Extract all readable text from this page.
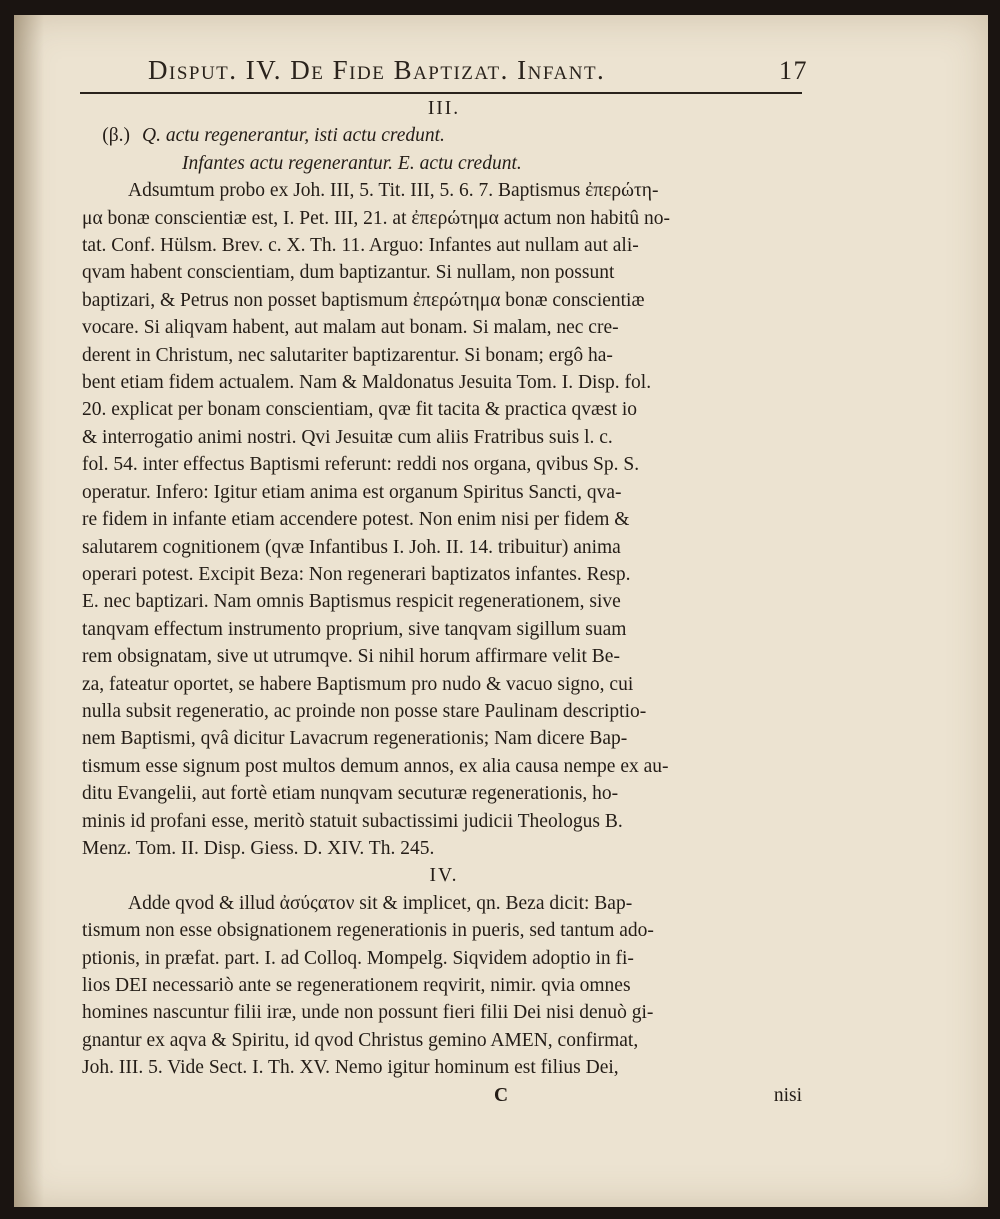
Disput. IV. De Fide Baptizat. Infant.	17
III.
(β.) Q. actu regenerantur, isti actu credunt.
Infantes actu regenerantur. E. actu credunt.
Adsumtum probo ex Joh. III, 5. Tit. III, 5. 6. 7. Baptismus ἐπερώτη-
μα bonæ conscientiæ est, I. Pet. III, 21. at ἐπερώτημα actum non habitû no-
tat. Conf. Hülsm. Brev. c. X. Th. 11. Arguo: Infantes aut nullam aut ali-
qvam habent conscientiam, dum baptizantur. Si nullam, non possunt
baptizari, & Petrus non posset baptismum ἐπερώτημα bonæ conscientiæ
vocare. Si aliqvam habent, aut malam aut bonam. Si malam, nec cre-
derent in Christum, nec salutariter baptizarentur. Si bonam; ergô ha-
bent etiam fidem actualem. Nam & Maldonatus Jesuita Tom. I. Disp. fol.
20. explicat per bonam conscientiam, qvæ fit tacita & practica qvæst io
& interrogatio animi nostri. Qvi Jesuitæ cum aliis Fratribus suis l. c.
fol. 54. inter effectus Baptismi referunt: reddi nos organa, qvibus Sp. S.
operatur. Infero: Igitur etiam anima est organum Spiritus Sancti, qva-
re fidem in infante etiam accendere potest. Non enim nisi per fidem &
salutarem cognitionem (qvæ Infantibus I. Joh. II. 14. tribuitur) anima
operari potest. Excipit Beza: Non regenerari baptizatos infantes. Resp.
E. nec baptizari. Nam omnis Baptismus respicit regenerationem, sive
tanqvam effectum instrumento proprium, sive tanqvam sigillum suam
rem obsignatam, sive ut utrumqve. Si nihil horum affirmare velit Be-
za, fateatur oportet, se habere Baptismum pro nudo & vacuo signo, cui
nulla subsit regeneratio, ac proinde non posse stare Paulinam descriptio-
nem Baptismi, qvâ dicitur Lavacrum regenerationis; Nam dicere Bap-
tismum esse signum post multos demum annos, ex alia causa nempe ex au-
ditu Evangelii, aut fortè etiam nunqvam secuturæ regenerationis, ho-
minis id profani esse, meritò statuit subactissimi judicii Theologus B.
Menz. Tom. II. Disp. Giess. D. XIV. Th. 245.
IV.
Adde qvod & illud ἀσύςατον sit & implicet, qn. Beza dicit: Bap-
tismum non esse obsignationem regenerationis in pueris, sed tantum ado-
ptionis, in præfat. part. I. ad Colloq. Mompelg. Siqvidem adoptio in fi-
lios DEI necessariò ante se regenerationem reqvirit, nimir. qvia omnes
homines nascuntur filii iræ, unde non possunt fieri filii Dei nisi denuò gi-
gnantur ex aqva & Spiritu, id qvod Christus gemino AMEN, confirmat,
Joh. III. 5. Vide Sect. I. Th. XV. Nemo igitur hominum est filius Dei,
C	nisi
